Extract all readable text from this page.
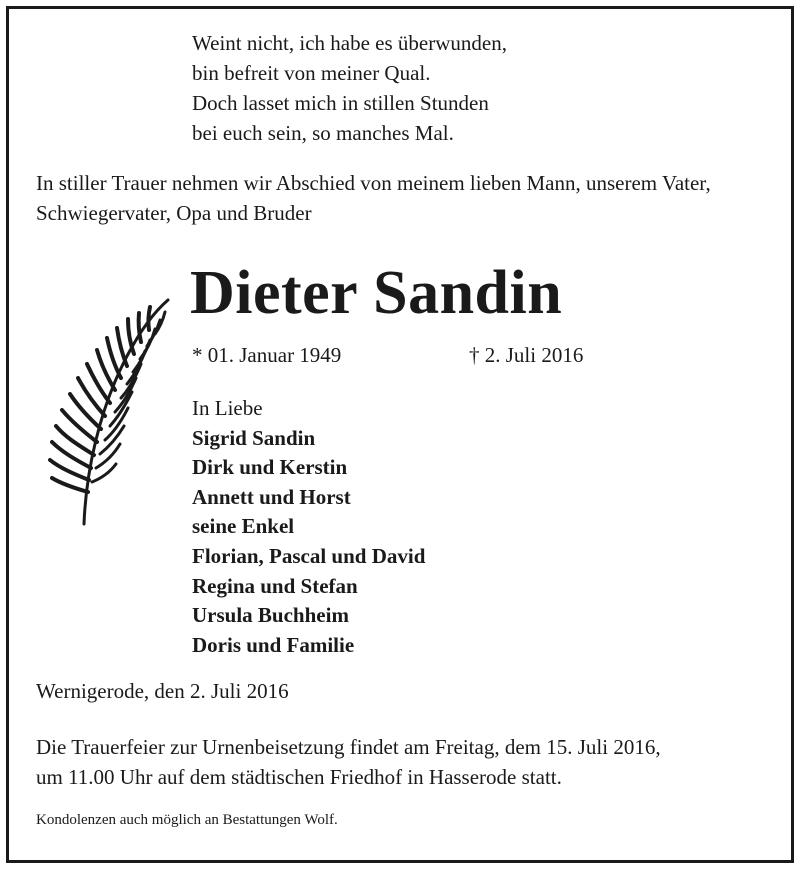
Weint nicht, ich habe es überwunden,
bin befreit von meiner Qual.
Doch lasset mich in stillen Stunden
bei euch sein, so manches Mal.
In stiller Trauer nehmen wir Abschied von meinem lieben Mann, unserem Vater, Schwiegervater, Opa und Bruder
Dieter Sandin
* 01. Januar 1949	† 2. Juli 2016
In Liebe
Sigrid Sandin
Dirk und Kerstin
Annett und Horst
seine Enkel
Florian, Pascal und David
Regina und Stefan
Ursula Buchheim
Doris und Familie
Wernigerode, den 2. Juli 2016
Die Trauerfeier zur Urnenbeisetzung findet am Freitag, dem 15. Juli 2016,
um 11.00 Uhr auf dem städtischen Friedhof in Hasserode statt.
Kondolenzen auch möglich an Bestattungen Wolf.
